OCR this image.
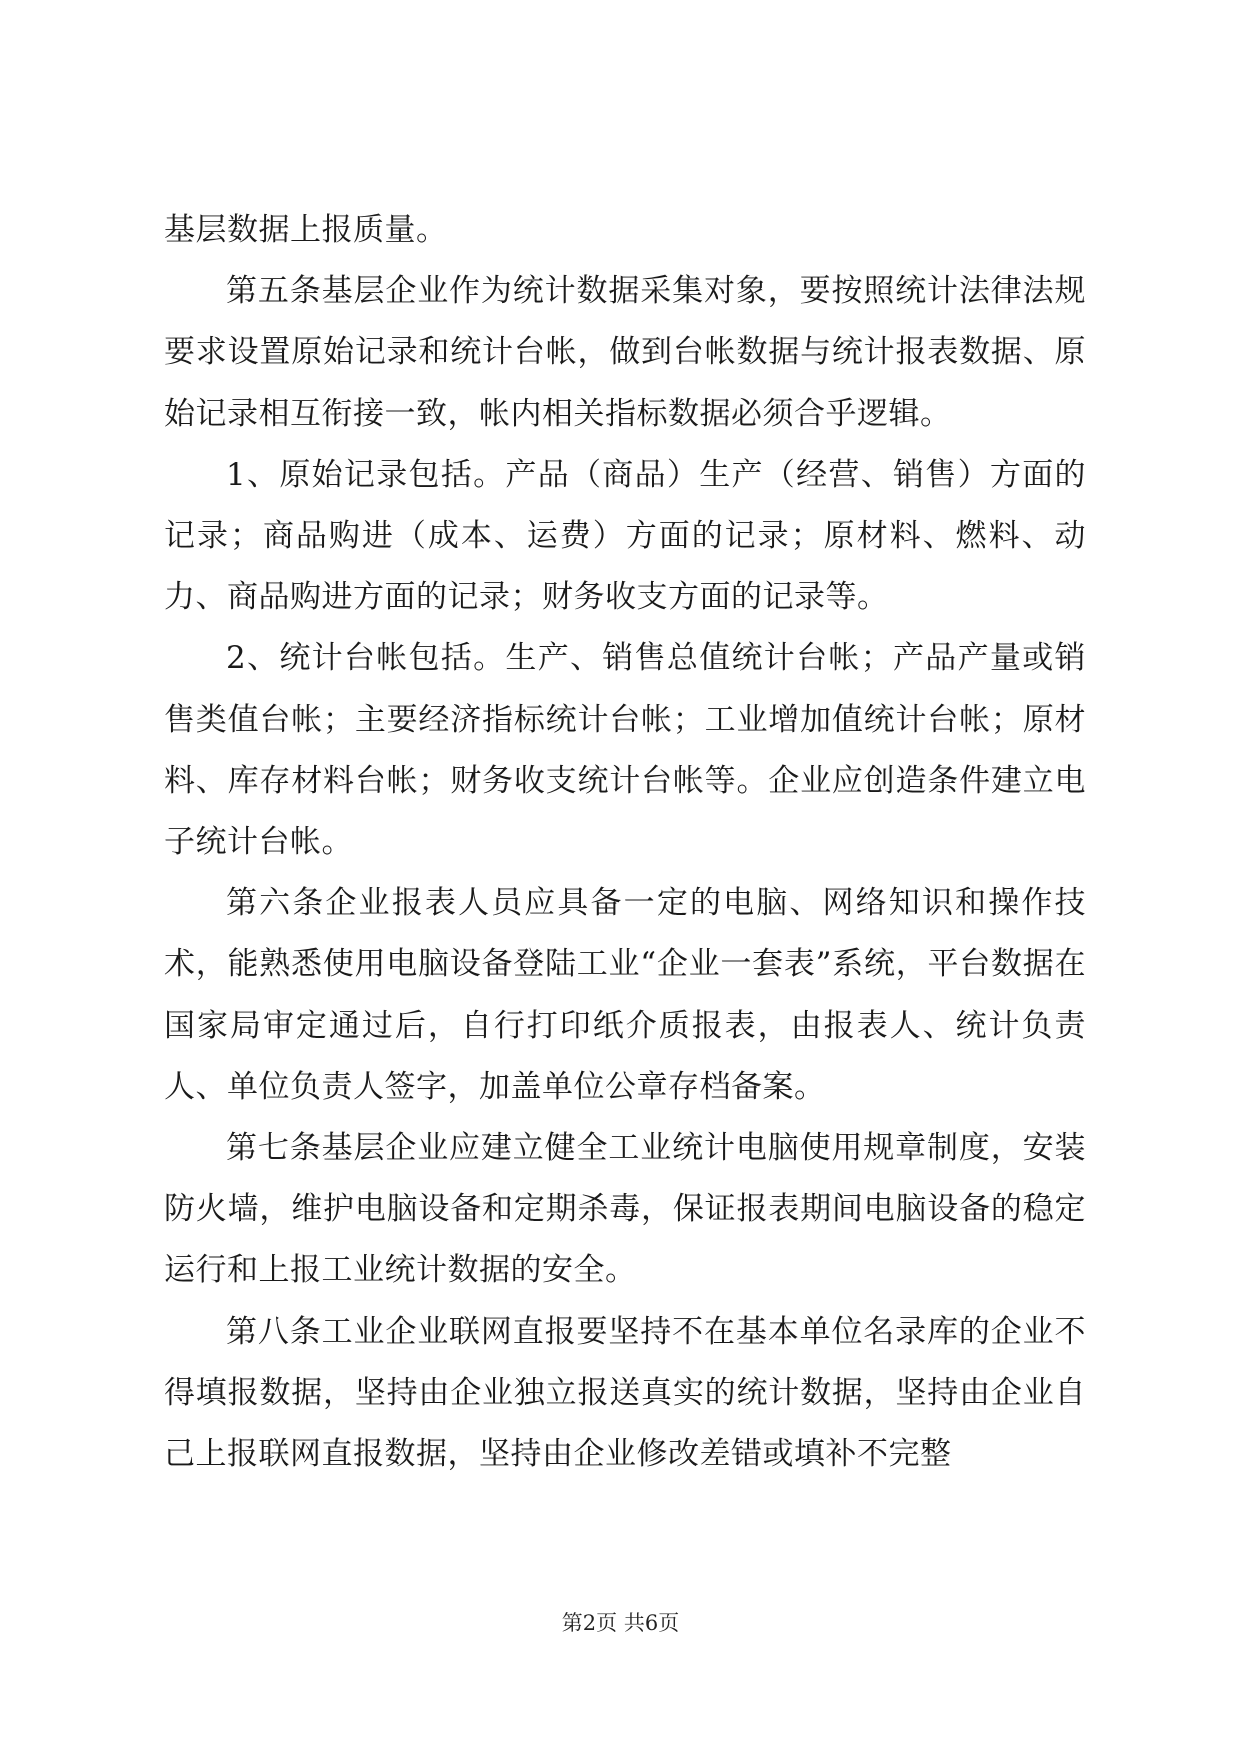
基层数据上报质量。

第五条基层企业作为统计数据采集对象，要按照统计法律法规要求设置原始记录和统计台帐，做到台帐数据与统计报表数据、原始记录相互衔接一致，帐内相关指标数据必须合乎逻辑。

1、原始记录包括。产品（商品）生产（经营、销售）方面的记录；商品购进（成本、运费）方面的记录；原材料、燃料、动力、商品购进方面的记录；财务收支方面的记录等。

2、统计台帐包括。生产、销售总值统计台帐；产品产量或销售类值台帐；主要经济指标统计台帐；工业增加值统计台帐；原材料、库存材料台帐；财务收支统计台帐等。企业应创造条件建立电子统计台帐。

第六条企业报表人员应具备一定的电脑、网络知识和操作技术，能熟悉使用电脑设备登陆工业“企业一套表”系统，平台数据在国家局审定通过后，自行打印纸介质报表，由报表人、统计负责人、单位负责人签字，加盖单位公章存档备案。

第七条基层企业应建立健全工业统计电脑使用规章制度，安装防火墙，维护电脑设备和定期杀毒，保证报表期间电脑设备的稳定运行和上报工业统计数据的安全。

第八条工业企业联网直报要坚持不在基本单位名录库的企业不得填报数据，坚持由企业独立报送真实的统计数据，坚持由企业自己上报联网直报数据，坚持由企业修改差错或填补不完整

第2页 共6页
